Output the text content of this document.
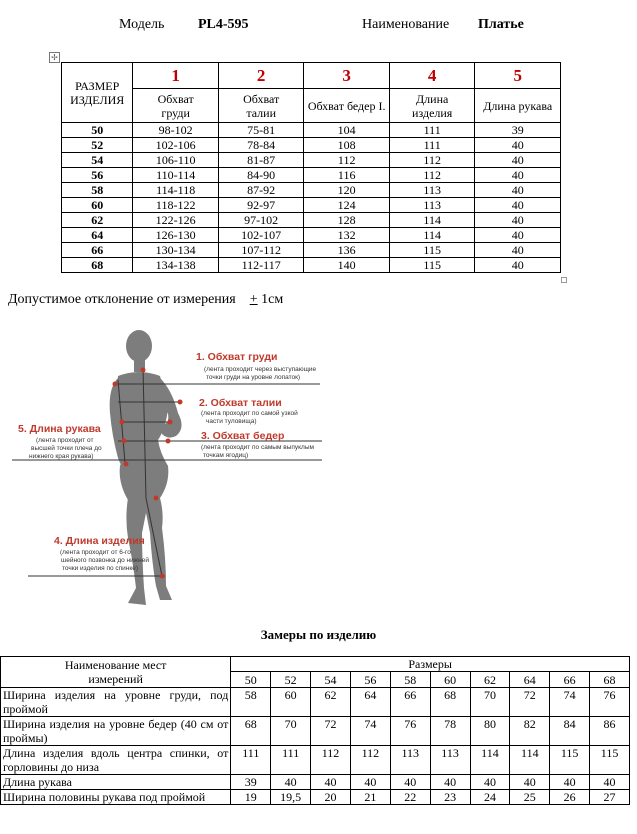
Модель PL4-595	Наименование Платье
✢
РАЗМЕР ИЗДЕЛИЯ	1	2	3	4	5
	Обхват груди	Обхват талии	Обхват бедер I.	Длина изделия	Длина рукава
50	98-102	75-81	104	111	39
52	102-106	78-84	108	111	40
54	106-110	81-87	112	112	40
56	110-114	84-90	116	112	40
58	114-118	87-92	120	113	40
60	118-122	92-97	124	113	40
62	122-126	97-102	128	114	40
64	126-130	102-107	132	114	40
66	130-134	107-112	136	115	40
68	134-138	112-117	140	115	40
Допустимое отклонение от измерения + 1см
1. Обхват груди
(лента проходит через выступающие
точки груди на уровне лопаток)
2. Обхват талии
(лента проходит по самой узкой
части туловища)
3. Обхват бедер
(лента проходит по самым выпуклым
точкам ягодиц)
5. Длина рукава
(лента проходит от
высшей точки плеча до
нижнего края рукава)
4. Длина изделия
(лента проходит от 6-го
шейного позвонка до нижней
точки изделия по спинке)
Замеры по изделию
Наименование мест измерений	Размеры									
	50	52	54	56	58	60	62	64	66	68
Ширина изделия на уровне груди, под проймой	58	60	62	64	66	68	70	72	74	76
Ширина изделия на уровне бедер (40 см от проймы)	68	70	72	74	76	78	80	82	84	86
Длина изделия вдоль центра спинки, от горловины до низа	111	111	112	112	113	113	114	114	115	115
Длина рукава	39	40	40	40	40	40	40	40	40	40
Ширина половины рукава под проймой	19	19,5	20	21	22	23	24	25	26	27
